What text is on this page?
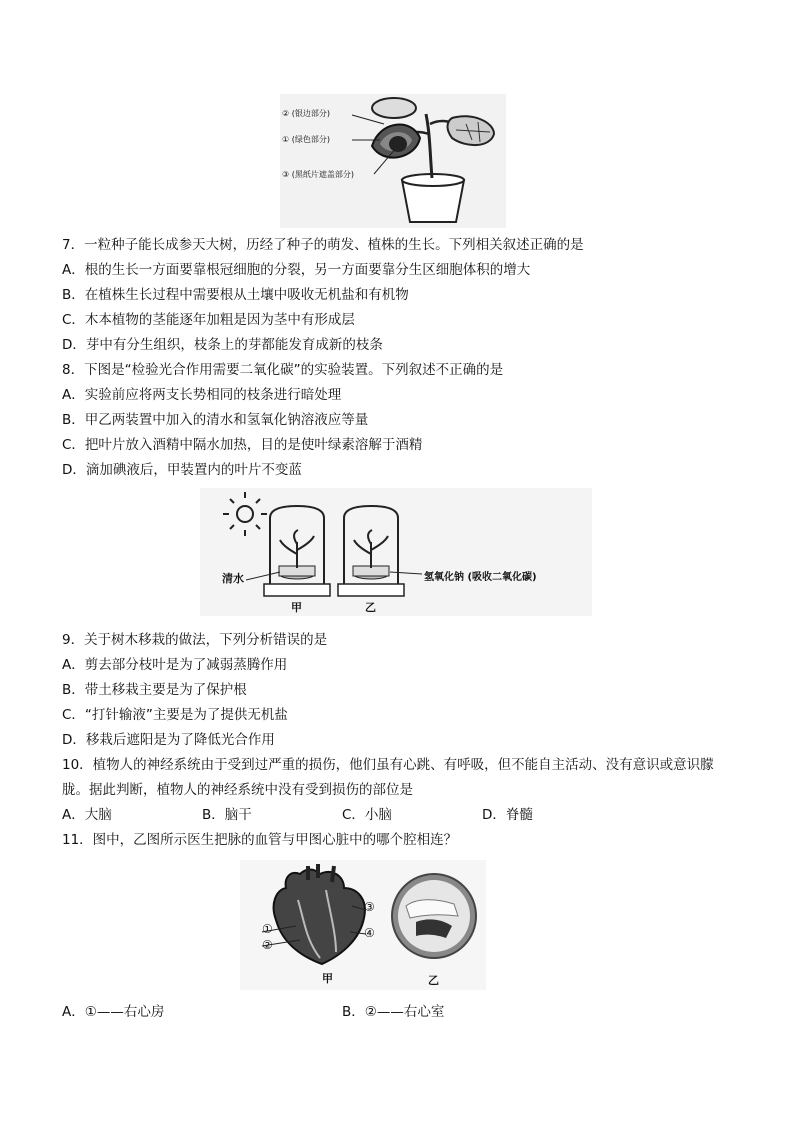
② (银边部分)
① (绿色部分)
③ (黑纸片遮盖部分)
7．一粒种子能长成参天大树，历经了种子的萌发、植株的生长。下列相关叙述正确的是
A．根的生长一方面要靠根冠细胞的分裂，另一方面要靠分生区细胞体积的增大
B．在植株生长过程中需要根从土壤中吸收无机盐和有机物
C．木本植物的茎能逐年加粗是因为茎中有形成层
D．芽中有分生组织，枝条上的芽都能发育成新的枝条
8．下图是“检验光合作用需要二氧化碳”的实验装置。下列叙述不正确的是
A．实验前应将两支长势相同的枝条进行暗处理
B．甲乙两装置中加入的清水和氢氧化钠溶液应等量
C．把叶片放入酒精中隔水加热，目的是使叶绿素溶解于酒精
D．滴加碘液后，甲装置内的叶片不变蓝
清水	氢氧化钠 (吸收二氧化碳)
甲	乙
9．关于树木移栽的做法，下列分析错误的是
A．剪去部分枝叶是为了减弱蒸腾作用
B．带土移栽主要是为了保护根
C．“打针输液”主要是为了提供无机盐
D．移栽后遮阳是为了降低光合作用
10．植物人的神经系统由于受到过严重的损伤，他们虽有心跳、有呼吸，但不能自主活动、没有意识或意识朦
胧。据此判断，植物人的神经系统中没有受到损伤的部位是
A．大脑	B．脑干	C．小脑	D．脊髓
11．图中，乙图所示医生把脉的血管与甲图心脏中的哪个腔相连？
③
④
①
②
甲	乙
A．①——右心房	B．②——右心室
